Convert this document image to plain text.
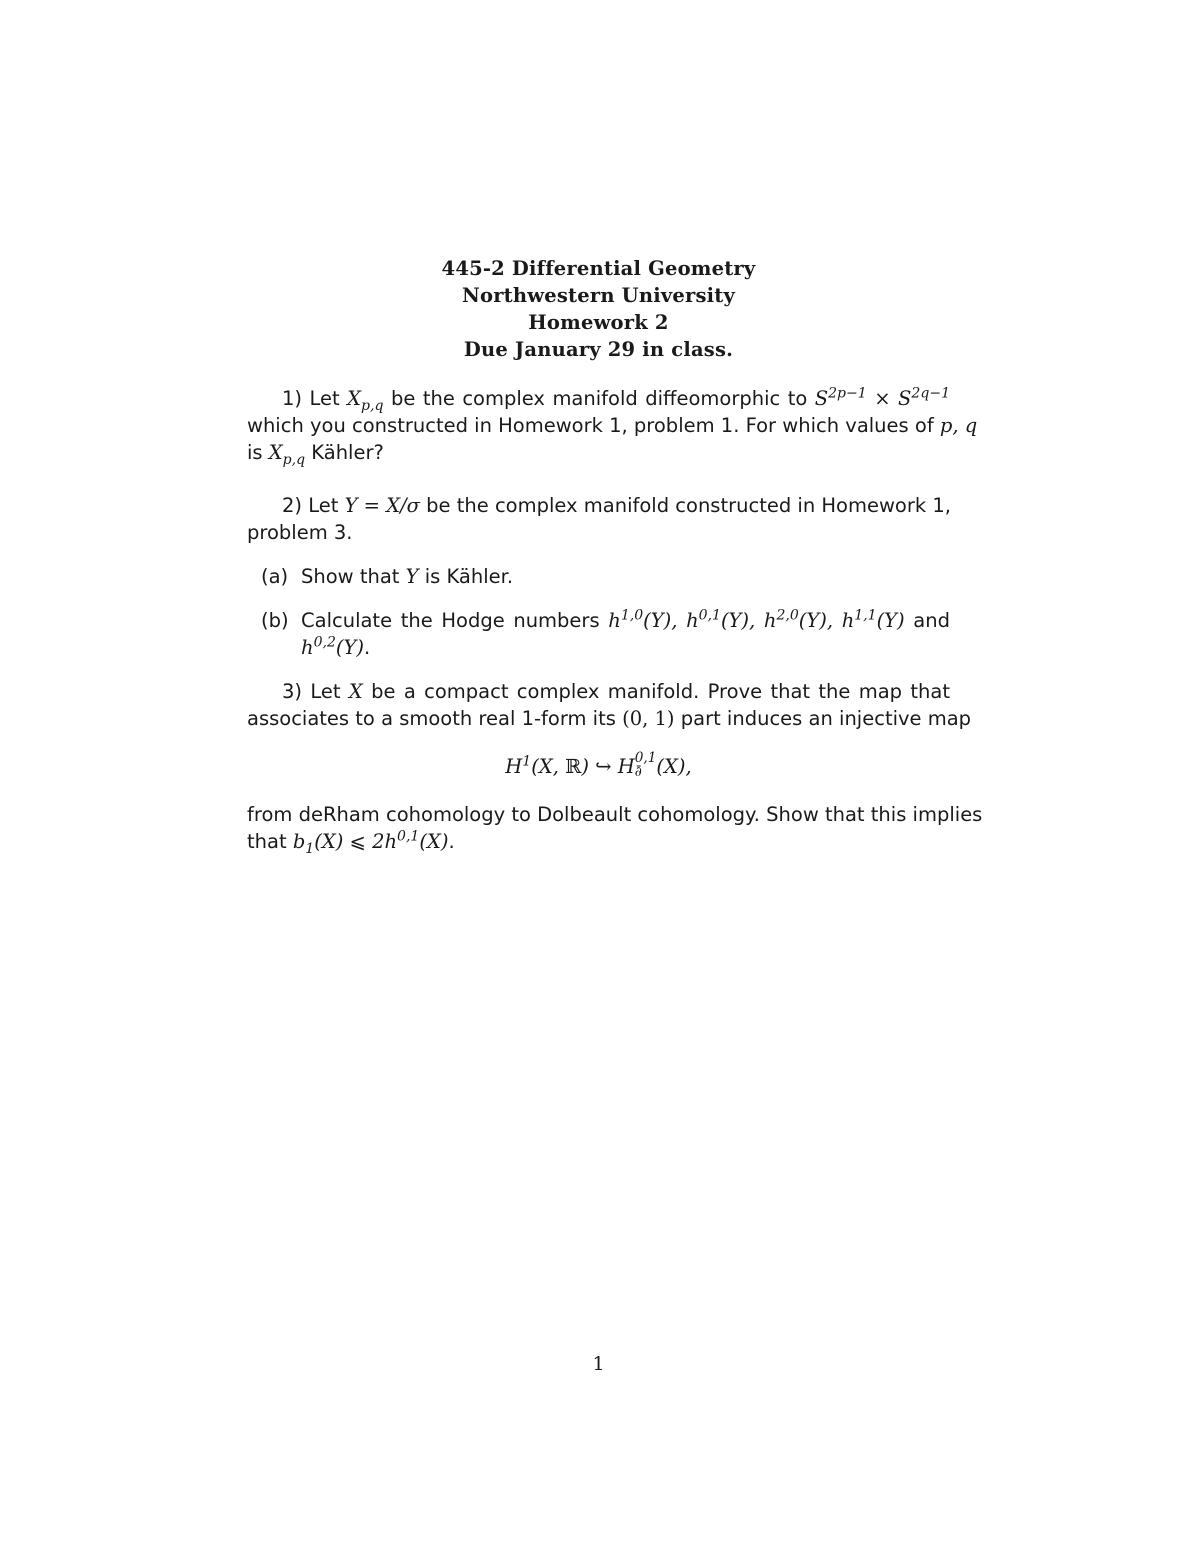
445-2 Differential Geometry
Northwestern University
Homework 2
Due January 29 in class.
1) Let $X_{p,q}$ be the complex manifold diffeomorphic to $S^{2p-1} \times S^{2q-1}$
which you constructed in Homework 1, problem 1. For which values of p, q
is $X_{p,q}$ Kähler?
2) Let Y = X/σ be the complex manifold constructed in Homework 1,
problem 3.
(a) Show that Y is Kähler.
(b) Calculate the Hodge numbers $h^{1,0}(Y)$, $h^{0,1}(Y)$, $h^{2,0}(Y)$, $h^{1,1}(Y)$ and
$h^{0,2}(Y)$.
3) Let X be a compact complex manifold. Prove that the map that
associates to a smooth real 1-form its (0, 1) part induces an injective map
$H^1(X$, ℝ) ↪ H 0,1
∂̄ (X),
from deRham cohomology to Dolbeault cohomology. Show that this implies
that $b_1(X)$ ⩽ $2h^{0,1}(X)$.
1
